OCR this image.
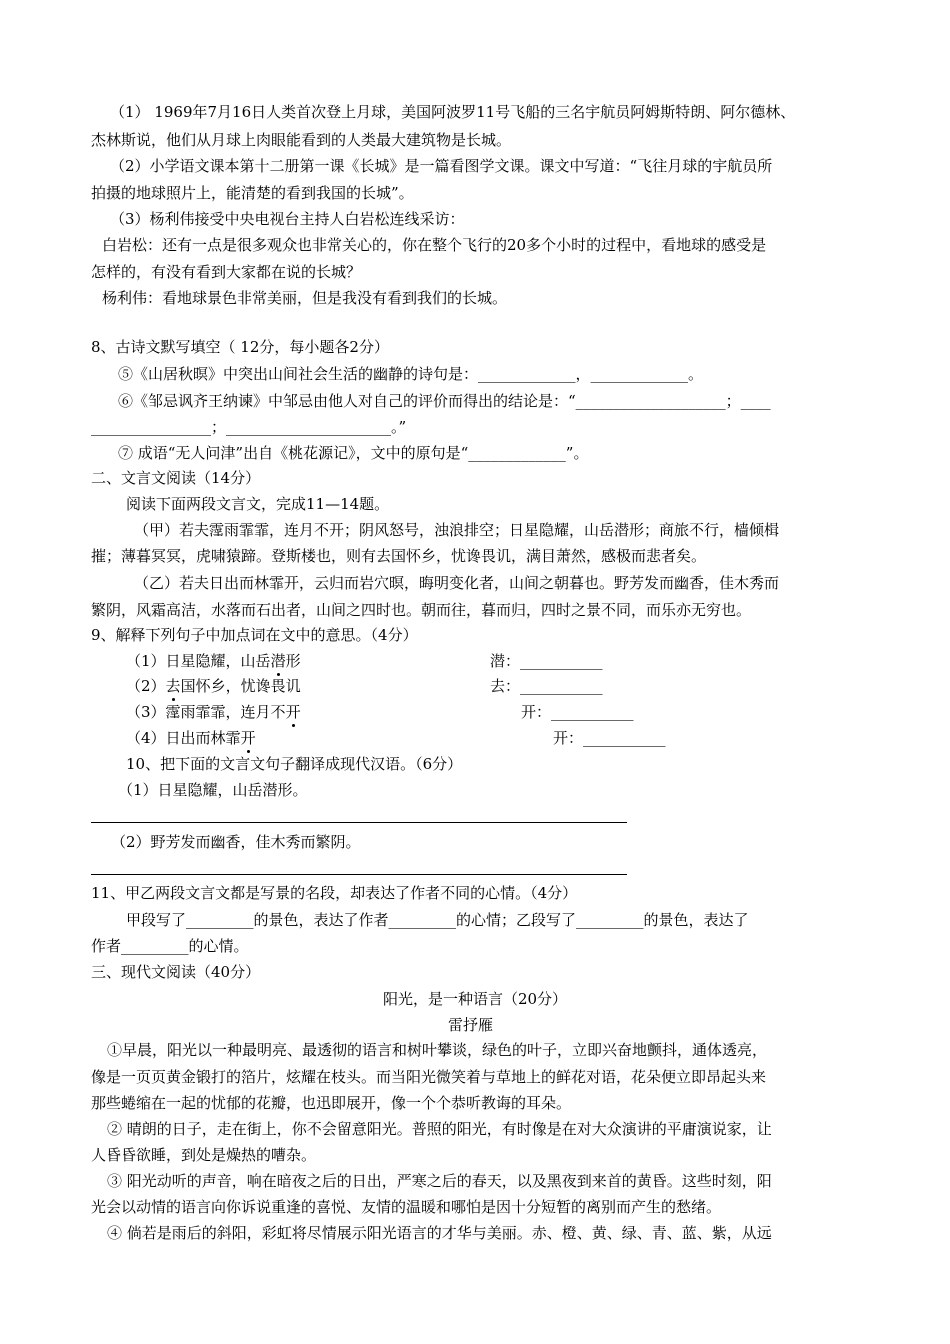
（1） 1969年7月16日人类首次登上月球，美国阿波罗11号飞船的三名宇航员阿姆斯特朗、阿尔德林、
杰林斯说，他们从月球上肉眼能看到的人类最大建筑物是长城。
（2）小学语文课本第十二册第一课《长城》是一篇看图学文课。课文中写道：“飞往月球的宇航员所
拍摄的地球照片上，能清楚的看到我国的长城”。
（3）杨利伟接受中央电视台主持人白岩松连线采访：
白岩松：还有一点是很多观众也非常关心的，你在整个飞行的20多个小时的过程中，看地球的感受是
怎样的，有没有看到大家都在说的长城？
杨利伟：看地球景色非常美丽，但是我没有看到我们的长城。
8、古诗文默写填空（ 12分，每小题各2分）
⑤《山居秋暝》中突出山间社会生活的幽静的诗句是：_____________，_____________。
⑥《邹忌讽齐王纳谏》中邹忌由他人对自己的评价而得出的结论是：“____________________；____
________________；______________________。”
⑦ 成语“无人问津”出自《桃花源记》，文中的原句是“_____________”。
二、文言文阅读（14分）
阅读下面两段文言文，完成11—14题。
（甲）若夫霪雨霏霏，连月不开；阴风怒号，浊浪排空；日星隐耀，山岳潜形；商旅不行，樯倾楫
摧；薄暮冥冥，虎啸猿蹄。登斯楼也，则有去国怀乡，忧谗畏讥，满目萧然，感极而悲者矣。
（乙）若夫日出而林霏开，云归而岩穴暝，晦明变化者，山间之朝暮也。野芳发而幽香，佳木秀而
繁阴，风霜高洁，水落而石出者，山间之四时也。朝而往，暮而归，四时之景不同，而乐亦无穷也。
9、解释下列句子中加点词在文中的意思。（4分）
（1）日星隐耀，山岳潜形	潜：___________
（2）去国怀乡，忧谗畏讥	去：___________
（3）霪雨霏霏，连月不开	开：___________
（4）日出而林霏开	开：___________
10、把下面的文言文句子翻译成现代汉语。（6分）
（1）日星隐耀，山岳潜形。
（2）野芳发而幽香，佳木秀而繁阴。
11、甲乙两段文言文都是写景的名段，却表达了作者不同的心情。（4分）
甲段写了_________的景色，表达了作者_________的心情；乙段写了_________的景色，表达了
作者_________的心情。
三、现代文阅读（40分）
阳光，是一种语言（20分）
雷抒雁
①早晨，阳光以一种最明亮、最透彻的语言和树叶攀谈，绿色的叶子，立即兴奋地颤抖，通体透亮，
像是一页页黄金锻打的箔片，炫耀在枝头。而当阳光微笑着与草地上的鲜花对语，花朵便立即昂起头来
那些蜷缩在一起的忧郁的花瓣，也迅即展开，像一个个恭听教诲的耳朵。
② 晴朗的日子，走在街上，你不会留意阳光。普照的阳光，有时像是在对大众演讲的平庸演说家，让
人昏昏欲睡，到处是燥热的嘈杂。
③ 阳光动听的声音，响在暗夜之后的日出，严寒之后的春天，以及黑夜到来首的黄昏。这些时刻，阳
光会以动情的语言向你诉说重逢的喜悦、友情的温暖和哪怕是因十分短暂的离别而产生的愁绪。
④ 倘若是雨后的斜阳，彩虹将尽情展示阳光语言的才华与美丽。赤、橙、黄、绿、青、蓝、紫，从远
